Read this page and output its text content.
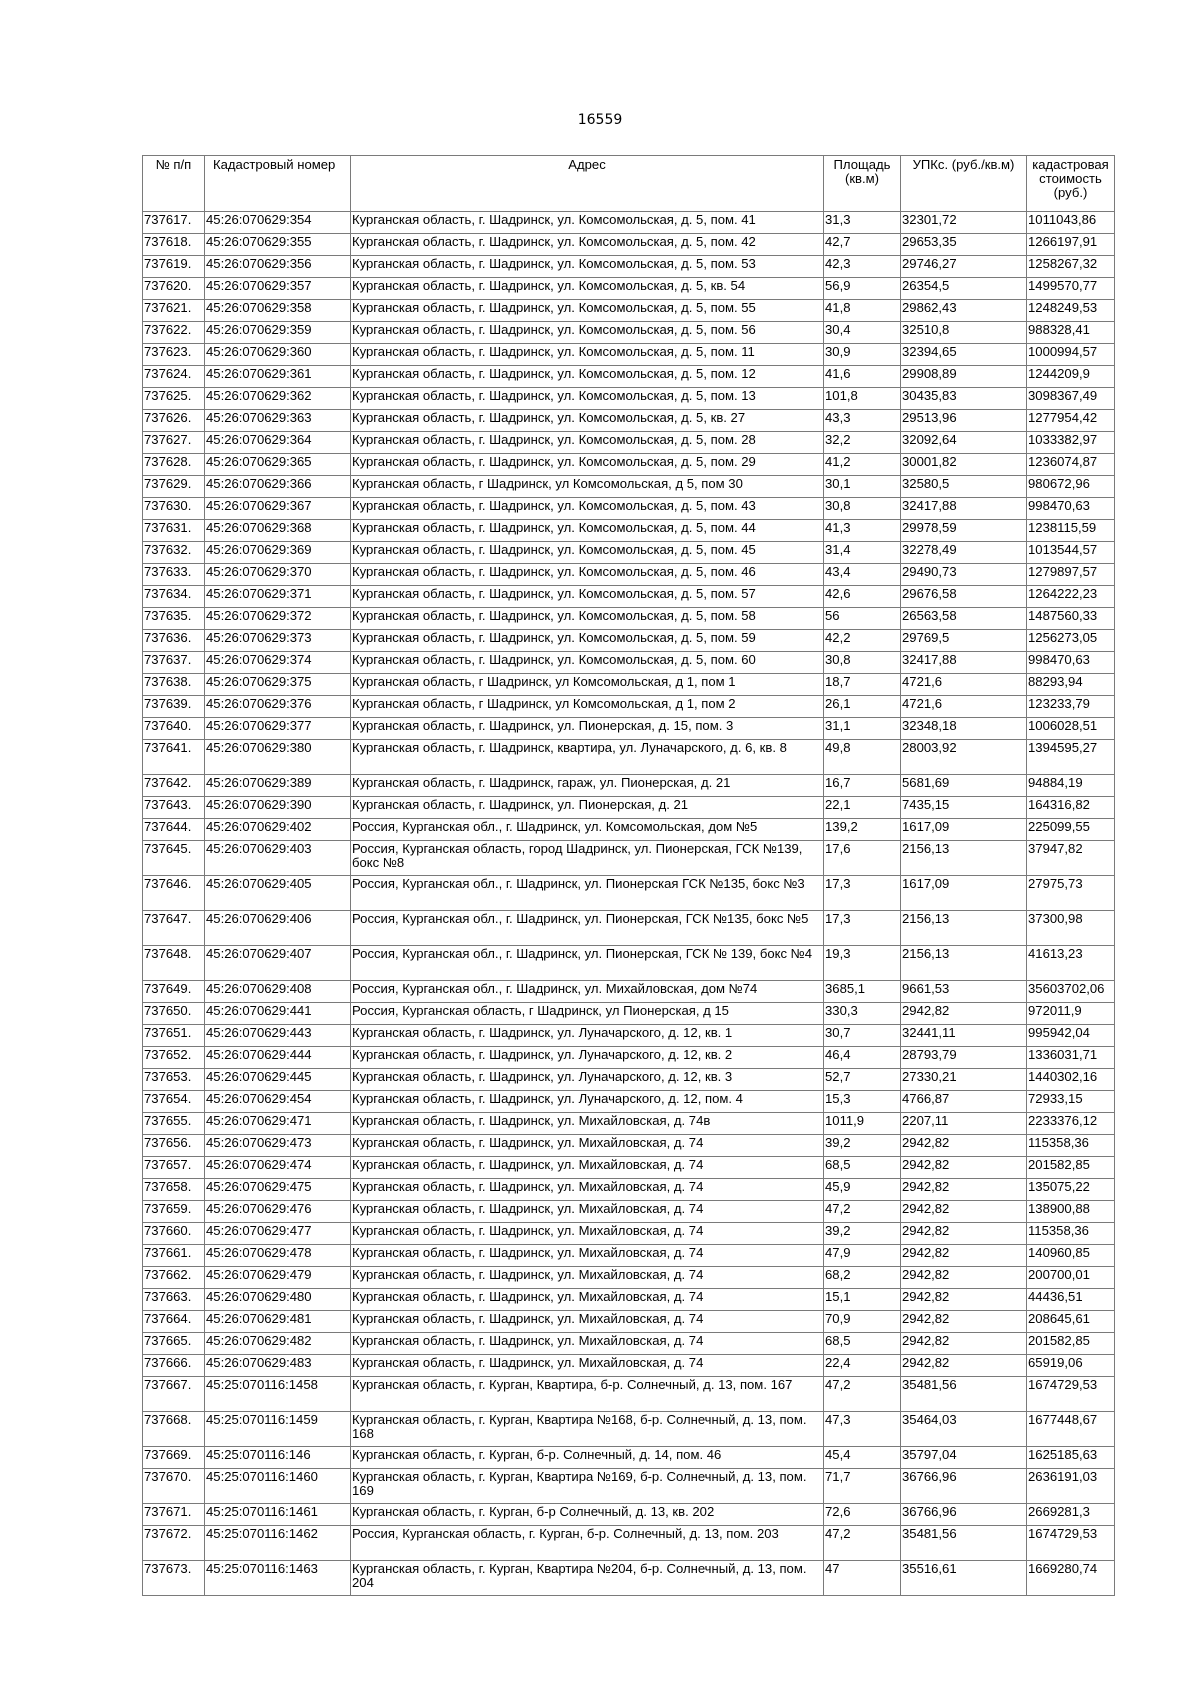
16559
№ п/п	Кадастровый номер	Адрес	Площадь (кв.м)	УПКс. (руб./кв.м)	кадастровая стоимость (руб.)
737617.	45:26:070629:354	Курганская область, г. Шадринск, ул. Комсомольская, д. 5, пом. 41	31,3	32301,72	1011043,86
737618.	45:26:070629:355	Курганская область, г. Шадринск, ул. Комсомольская, д. 5, пом. 42	42,7	29653,35	1266197,91
737619.	45:26:070629:356	Курганская область, г. Шадринск, ул. Комсомольская, д. 5, пом. 53	42,3	29746,27	1258267,32
737620.	45:26:070629:357	Курганская область, г. Шадринск, ул. Комсомольская, д. 5, кв. 54	56,9	26354,5	1499570,77
737621.	45:26:070629:358	Курганская область, г. Шадринск, ул. Комсомольская, д. 5, пом. 55	41,8	29862,43	1248249,53
737622.	45:26:070629:359	Курганская область, г. Шадринск, ул. Комсомольская, д. 5, пом. 56	30,4	32510,8	988328,41
737623.	45:26:070629:360	Курганская область, г. Шадринск, ул. Комсомольская, д. 5, пом. 11	30,9	32394,65	1000994,57
737624.	45:26:070629:361	Курганская область, г. Шадринск, ул. Комсомольская, д. 5, пом. 12	41,6	29908,89	1244209,9
737625.	45:26:070629:362	Курганская область, г. Шадринск, ул. Комсомольская, д. 5, пом. 13	101,8	30435,83	3098367,49
737626.	45:26:070629:363	Курганская область, г. Шадринск, ул. Комсомольская, д. 5, кв. 27	43,3	29513,96	1277954,42
737627.	45:26:070629:364	Курганская область, г. Шадринск, ул. Комсомольская, д. 5, пом. 28	32,2	32092,64	1033382,97
737628.	45:26:070629:365	Курганская область, г. Шадринск, ул. Комсомольская, д. 5, пом. 29	41,2	30001,82	1236074,87
737629.	45:26:070629:366	Курганская область, г Шадринск, ул Комсомольская, д 5, пом 30	30,1	32580,5	980672,96
737630.	45:26:070629:367	Курганская область, г. Шадринск, ул. Комсомольская, д. 5, пом. 43	30,8	32417,88	998470,63
737631.	45:26:070629:368	Курганская область, г. Шадринск, ул. Комсомольская, д. 5, пом. 44	41,3	29978,59	1238115,59
737632.	45:26:070629:369	Курганская область, г. Шадринск, ул. Комсомольская, д. 5, пом. 45	31,4	32278,49	1013544,57
737633.	45:26:070629:370	Курганская область, г. Шадринск, ул. Комсомольская, д. 5, пом. 46	43,4	29490,73	1279897,57
737634.	45:26:070629:371	Курганская область, г. Шадринск, ул. Комсомольская, д. 5, пом. 57	42,6	29676,58	1264222,23
737635.	45:26:070629:372	Курганская область, г. Шадринск, ул. Комсомольская, д. 5, пом. 58	56	26563,58	1487560,33
737636.	45:26:070629:373	Курганская область, г. Шадринск, ул. Комсомольская, д. 5, пом. 59	42,2	29769,5	1256273,05
737637.	45:26:070629:374	Курганская область, г. Шадринск, ул. Комсомольская, д. 5, пом. 60	30,8	32417,88	998470,63
737638.	45:26:070629:375	Курганская область, г Шадринск, ул Комсомольская, д 1, пом 1	18,7	4721,6	88293,94
737639.	45:26:070629:376	Курганская область, г Шадринск, ул Комсомольская, д 1, пом 2	26,1	4721,6	123233,79
737640.	45:26:070629:377	Курганская область, г. Шадринск, ул. Пионерская, д. 15, пом. 3	31,1	32348,18	1006028,51
737641.	45:26:070629:380	Курганская область, г. Шадринск, квартира, ул. Луначарского, д. 6, кв. 8	49,8	28003,92	1394595,27
737642.	45:26:070629:389	Курганская область, г. Шадринск, гараж, ул. Пионерская, д. 21	16,7	5681,69	94884,19
737643.	45:26:070629:390	Курганская область, г. Шадринск, ул. Пионерская, д. 21	22,1	7435,15	164316,82
737644.	45:26:070629:402	Россия, Курганская обл., г. Шадринск, ул. Комсомольская, дом №5	139,2	1617,09	225099,55
737645.	45:26:070629:403	Россия, Курганская область, город Шадринск, ул. Пионерская, ГСК №139, бокс №8	17,6	2156,13	37947,82
737646.	45:26:070629:405	Россия, Курганская обл., г. Шадринск, ул. Пионерская ГСК №135, бокс №3	17,3	1617,09	27975,73
737647.	45:26:070629:406	Россия, Курганская обл., г. Шадринск, ул. Пионерская, ГСК №135, бокс №5	17,3	2156,13	37300,98
737648.	45:26:070629:407	Россия, Курганская обл., г. Шадринск, ул. Пионерская, ГСК № 139, бокс №4	19,3	2156,13	41613,23
737649.	45:26:070629:408	Россия, Курганская обл., г. Шадринск, ул. Михайловская, дом №74	3685,1	9661,53	35603702,06
737650.	45:26:070629:441	Россия, Курганская область, г Шадринск, ул Пионерская, д 15	330,3	2942,82	972011,9
737651.	45:26:070629:443	Курганская область, г. Шадринск, ул. Луначарского, д. 12, кв. 1	30,7	32441,11	995942,04
737652.	45:26:070629:444	Курганская область, г. Шадринск, ул. Луначарского, д. 12, кв. 2	46,4	28793,79	1336031,71
737653.	45:26:070629:445	Курганская область, г. Шадринск, ул. Луначарского, д. 12, кв. 3	52,7	27330,21	1440302,16
737654.	45:26:070629:454	Курганская область, г. Шадринск, ул. Луначарского, д. 12, пом. 4	15,3	4766,87	72933,15
737655.	45:26:070629:471	Курганская область, г. Шадринск, ул. Михайловская, д. 74в	1011,9	2207,11	2233376,12
737656.	45:26:070629:473	Курганская область, г. Шадринск, ул. Михайловская, д. 74	39,2	2942,82	115358,36
737657.	45:26:070629:474	Курганская область, г. Шадринск, ул. Михайловская, д. 74	68,5	2942,82	201582,85
737658.	45:26:070629:475	Курганская область, г. Шадринск, ул. Михайловская, д. 74	45,9	2942,82	135075,22
737659.	45:26:070629:476	Курганская область, г. Шадринск, ул. Михайловская, д. 74	47,2	2942,82	138900,88
737660.	45:26:070629:477	Курганская область, г. Шадринск, ул. Михайловская, д. 74	39,2	2942,82	115358,36
737661.	45:26:070629:478	Курганская область, г. Шадринск, ул. Михайловская, д. 74	47,9	2942,82	140960,85
737662.	45:26:070629:479	Курганская область, г. Шадринск, ул. Михайловская, д. 74	68,2	2942,82	200700,01
737663.	45:26:070629:480	Курганская область, г. Шадринск, ул. Михайловская, д. 74	15,1	2942,82	44436,51
737664.	45:26:070629:481	Курганская область, г. Шадринск, ул. Михайловская, д. 74	70,9	2942,82	208645,61
737665.	45:26:070629:482	Курганская область, г. Шадринск, ул. Михайловская, д. 74	68,5	2942,82	201582,85
737666.	45:26:070629:483	Курганская область, г. Шадринск, ул. Михайловская, д. 74	22,4	2942,82	65919,06
737667.	45:25:070116:1458	Курганская область, г. Курган, Квартира, б-р. Солнечный, д. 13, пом. 167	47,2	35481,56	1674729,53
737668.	45:25:070116:1459	Курганская область, г. Курган, Квартира №168, б-р. Солнечный, д. 13, пом. 168	47,3	35464,03	1677448,67
737669.	45:25:070116:146	Курганская область, г. Курган, б-р. Солнечный, д. 14, пом. 46	45,4	35797,04	1625185,63
737670.	45:25:070116:1460	Курганская область, г. Курган, Квартира №169, б-р. Солнечный, д. 13, пом. 169	71,7	36766,96	2636191,03
737671.	45:25:070116:1461	Курганская область, г. Курган, б-р Солнечный, д. 13, кв. 202	72,6	36766,96	2669281,3
737672.	45:25:070116:1462	Россия, Курганская область, г. Курган, б-р. Солнечный, д. 13, пом. 203	47,2	35481,56	1674729,53
737673.	45:25:070116:1463	Курганская область, г. Курган, Квартира №204, б-р. Солнечный, д. 13, пом. 204	47	35516,61	1669280,74
